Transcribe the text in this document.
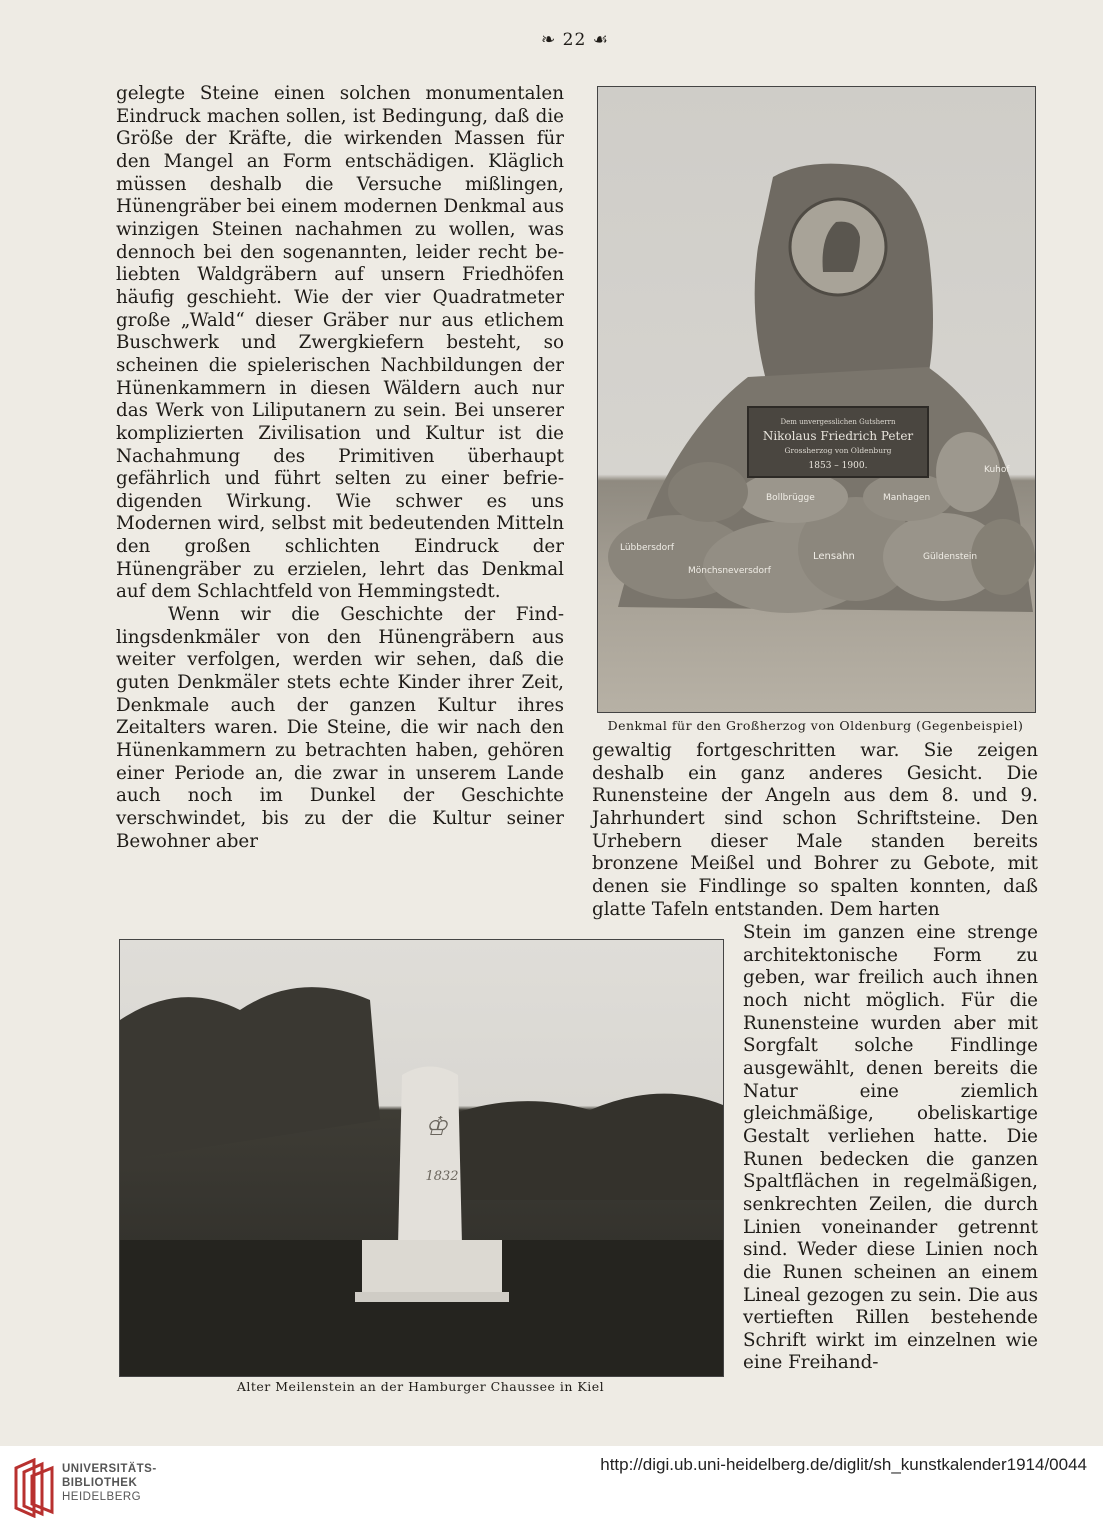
❧ 22 ☙

gelegte Steine einen solchen monumentalen Eindruck machen sollen, ist Bedingung, daß die Größe der Kräfte, die wirkenden Massen für den Mangel an Form entschädigen. Kläglich müssen deshalb die Versuche mißlingen, Hünengräber bei einem modernen Denkmal aus winzigen Steinen nachahmen zu wollen, was dennoch bei den sogenannten, leider recht beliebten Waldgräbern auf unsern Friedhöfen häufig geschieht. Wie der vier Quadratmeter große „Wald“ dieser Gräber nur aus etlichem Buschwerk und Zwergkiefern besteht, so scheinen die spielerischen Nachbildungen der Hünenkammern in diesen Wäldern auch nur das Werk von Liliputanern zu sein. Bei unserer komplizierten Zivilisation und Kultur ist die Nachahmung des Primitiven überhaupt gefährlich und führt selten zu einer befriedigenden Wirkung. Wie schwer es uns Modernen wird, selbst mit bedeutenden Mitteln den großen schlichten Eindruck der Hünengräber zu erzielen, lehrt das Denkmal auf dem Schlachtfeld von Hemmingstedt.

Wenn wir die Geschichte der Findlingsdenkmäler von den Hünengräbern aus weiter verfolgen, werden wir sehen, daß die guten Denkmäler stets echte Kinder ihrer Zeit, Denkmale auch der ganzen Kultur ihres Zeitalters waren. Die Steine, die wir nach den Hünenkammern zu betrachten haben, gehören einer Periode an, die zwar in unserem Lande auch noch im Dunkel der Geschichte verschwindet, bis zu der die Kultur seiner Bewohner aber

Dem unvergesslichen Gutsherrn
Nikolaus Friedrich Peter
Grossherzog von Oldenburg
1853 – 1900.	Kuhof
Bollbrügge	Manhagen
Lübbersdorf
Lensahn	Güldenstein
Mönchsneversdorf
Denkmal für den Großherzog von Oldenburg (Gegenbeispiel)

gewaltig fortgeschritten war. Sie zeigen deshalb ein ganz anderes Gesicht. Die Runensteine der Angeln aus dem 8. und 9. Jahrhundert sind schon Schriftsteine. Den Urhebern dieser Male standen bereits bronzene Meißel und Bohrer zu Gebote, mit denen sie Findlinge so spalten konnten, daß glatte Tafeln entstanden. Dem harten

1832
♔
Alter Meilenstein an der Hamburger Chaussee in Kiel

Stein im ganzen eine strenge architektonische Form zu geben, war freilich auch ihnen noch nicht möglich. Für die Runensteine wurden aber mit Sorgfalt solche Findlinge ausgewählt, denen bereits die Natur eine ziemlich gleichmäßige, obeliskartige Gestalt verliehen hatte. Die Runen bedecken die ganzen Spaltflächen in regelmäßigen, senkrechten Zeilen, die durch Linien voneinander getrennt sind. Weder diese Linien noch die Runen scheinen an einem Lineal gezogen zu sein. Die aus vertieften Rillen bestehende Schrift wirkt im einzelnen wie eine Freihand-

UNIVERSITÄTS-
BIBLIOTHEK
HEIDELBERG
http://digi.ub.uni-heidelberg.de/diglit/sh_kunstkalender1914/0044
